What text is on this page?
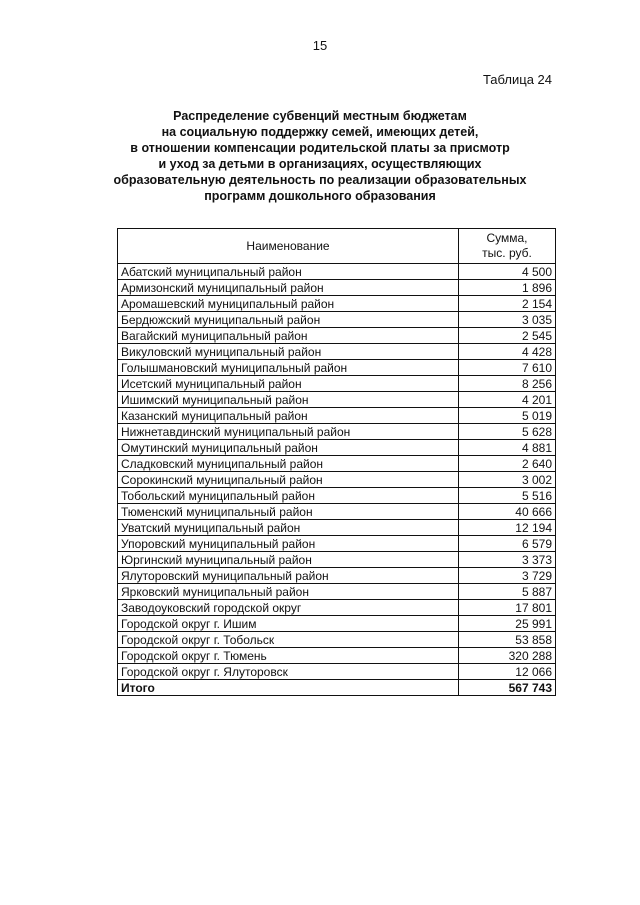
15
Таблица 24
Распределение субвенций местным бюджетам
на социальную поддержку семей, имеющих детей,
в отношении компенсации родительской платы за присмотр
и уход за детьми в организациях, осуществляющих
образовательную деятельность по реализации образовательных
программ дошкольного образования
Наименование	Сумма,
тыс. руб.
Абатский муниципальный район	4 500
Армизонский муниципальный район	1 896
Аромашевский муниципальный район	2 154
Бердюжский муниципальный район	3 035
Вагайский муниципальный район	2 545
Викуловский муниципальный район	4 428
Голышмановский муниципальный район	7 610
Исетский муниципальный район	8 256
Ишимский муниципальный район	4 201
Казанский муниципальный район	5 019
Нижнетавдинский муниципальный район	5 628
Омутинский муниципальный район	4 881
Сладковский муниципальный район	2 640
Сорокинский муниципальный район	3 002
Тобольский муниципальный район	5 516
Тюменский муниципальный район	40 666
Уватский муниципальный район	12 194
Упоровский муниципальный район	6 579
Юргинский муниципальный район	3 373
Ялуторовский муниципальный район	3 729
Ярковский муниципальный район	5 887
Заводоуковский городской округ	17 801
Городской округ г. Ишим	25 991
Городской округ г. Тобольск	53 858
Городской округ г. Тюмень	320 288
Городской округ г. Ялуторовск	12 066
Итого	567 743
